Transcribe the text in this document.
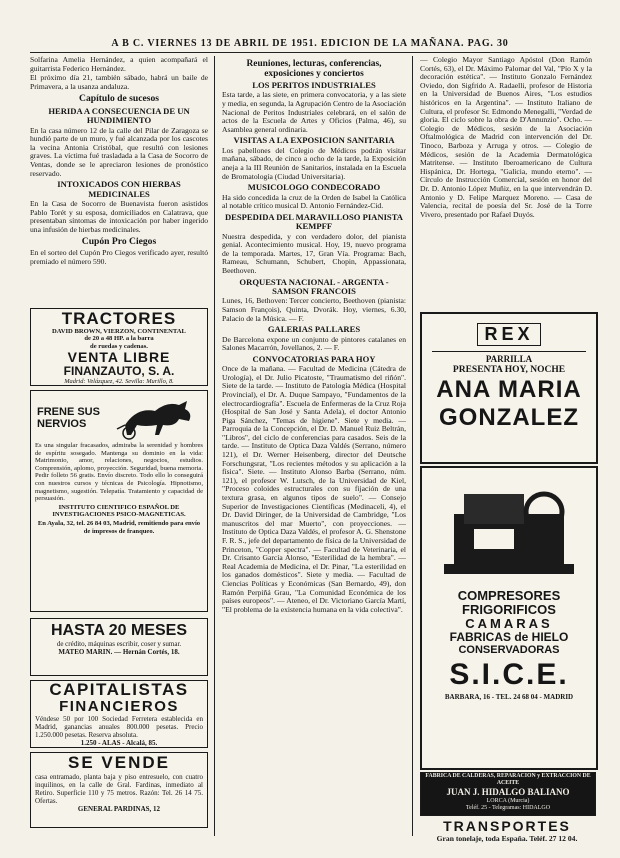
A B C. VIERNES 13 DE ABRIL DE 1951. EDICION DE LA MAÑANA. PAG. 30

Solfarina Amelia Hernández, a quien acompañará el guitarrista Federico Hernández.

El próximo día 21, también sábado, habrá un baile de Primavera, a la usanza andaluza.

Capítulo de sucesos
HERIDA A CONSECUENCIA DE UN HUNDIMIENTO

En la casa número 12 de la calle del Pilar de Zaragoza se hundió parte de un muro, y fué alcanzada por los cascotes la vecina Antonia Cristóbal, que resultó con lesiones graves. La víctima fué trasladada a la Casa de Socorro de Ventas, donde se le apreciaron lesiones de pronóstico reservado.

INTOXICADOS CON HIERBAS MEDICINALES

En la Casa de Socorro de Buenavista fueron asistidos Pablo Torét y su esposa, domiciliados en Calatrava, que presentaban síntomas de intoxicación por haber ingerido una infusión de hierbas medicinales.

Cupón Pro Ciegos

En el sorteo del Cupón Pro Ciegos verificado ayer, resultó premiado el número 590.

TRACTORES
DAVID BROWN, VIERZON, CONTINENTAL
de 20 a 48 HP. a la barra
de ruedas y cadenas.
VENTA LIBRE
FINANZAUTO, S. A.
Madrid: Velázquez, 42. Sevilla: Murillo, 8.
FRENE SUS NERVIOS
Es una singular fracasados, admiraba la serenidad y hombres de espíritu sosegado. Mantenga su dominio en la vida: Matrimonio, amor, relaciones, negocios, estudios. Comprensión, aplomo, proyección. Seguridad, buena memoria. Pedir folleto 56 gratis. Envío discreto. Todo ello lo conseguirá con nuestros cursos y técnicas de Psicología. Hipnotismo, magnetismo, sugestión. Telepatía. Tratamiento y capacidad de persuasión.
INSTITUTO CIENTIFICO ESPAÑOL DE INVESTIGACIONES PSICO-MAGNETICAS.
En Ayala, 32, tel. 26 84 03, Madrid, remitiendo para envío de impresos de franqueo.
HASTA 20 MESES
de crédito, máquinas escribir, coser y sumar.
MATEO MARIN. — Hernán Cortés, 18.
CAPITALISTAS
FINANCIEROS
Véndese 50 por 100 Sociedad Ferretera establecida en Madrid, ganancias anuales 800.000 pesetas. Precio 1.250.000 pesetas. Reserva absoluta.
1.250 - ALAS - Alcalá, 85.
SE VENDE
casa entramado, planta baja y piso entresuelo, con cuatro inquilinos, en la calle de Gral. Fardinas, inmediato al Retiro. Superficie 110 y 75 metros. Razón: Tel. 26 14 75. Ofertas.
GENERAL PARDINAS, 12
Reuniones, lecturas, conferencias, exposiciones y conciertos
LOS PERITOS INDUSTRIALES

Esta tarde, a las siete, en primera convocatoria, y a las siete y media, en segunda, la Agrupación Centro de la Asociación Nacional de Peritos Industriales celebrará, en el salón de actos de la Escuela de Artes y Oficios (Palma, 46), su Asamblea general ordinaria.

VISITAS A LA EXPOSICION SANITARIA

Los pabellones del Colegio de Médicos podrán visitar mañana, sábado, de cinco a ocho de la tarde, la Exposición aneja a la III Reunión de Sanitarios, instalada en la Escuela de Bromatología (Ciudad Universitaria).

MUSICOLOGO CONDECORADO

Ha sido concedida la cruz de la Orden de Isabel la Católica al notable crítico musical D. Antonio Fernández-Cid.

DESPEDIDA DEL MARAVILLOSO PIANISTA KEMPFF

Nuestra despedida, y con verdadero dolor, del pianista genial. Acontecimiento musical. Hoy, 19, nuevo programa de la temporada. Martes, 17, Gran Vía. Programa: Bach, Rameau, Schumann, Schubert, Chopin, Appassionata, Beethoven.

ORQUESTA NACIONAL - ARGENTA - SAMSON FRANCOIS

Lunes, 16, Bethoven: Tercer concierto, Beethoven (pianista: Samson François), Quinta, Dvorák. Hoy, viernes, 6.30, Palacio de la Música. — F.

GALERIAS PALLARES

De Barcelona expone un conjunto de pintores catalanes en Salones Macarrón, Jovellanos, 2. — F.

CONVOCATORIAS PARA HOY

Once de la mañana. — Facultad de Medicina (Cátedra de Urología), el Dr. Julio Picatoste, "Traumatismo del riñón". Siete de la tarde. — Instituto de Patología Médica (Hospital Provincial), el Dr. A. Duque Sampayo, "Fundamentos de la electrocardiografía". Escuela de Enfermeras de la Cruz Roja (Hospital de San José y Santa Adela), el doctor Antonio Piga Sánchez, "Temas de higiene". Siete y media. — Parroquia de la Concepción, el Dr. D. Manuel Ruiz Beltrán, "Libros", del ciclo de conferencias para casados. Seis de la tarde. — Instituto de Optica Daza Valdés (Serrano, número 121), el Dr. Werner Heisenberg, director del Deutsche Forschungsrat, "Los recientes métodos y su aplicación a la física". Siete. — Instituto Alonso Barba (Serrano, núm. 121), el profesor W. Lutsch, de la Universidad de Kiel, "Proceso coloides estructurales con su fijación de una textura grasa, en algunos tipos de suelo". — Consejo Superior de Investigaciones Científicas (Medinaceli, 4), el Dr. David Diringer, de la Universidad de Cambridge, "Los manuscritos del mar Muerto", con proyecciones. — Instituto de Optica Daza Valdés, el profesor A. G. Shenstone F. R. S., jefe del departamento de física de la Universidad de Princeton, "Copper spectra". — Facultad de Veterinaria, el Dr. Crisanto García Alonso, "Esterilidad de la hembra". — Real Academia de Medicina, el Dr. Pinar, "La esterilidad en los ganados domésticos". Siete y media. — Facultad de Ciencias Políticas y Económicas (San Bernardo, 49), don Ramón Perpiñá Grau, "La Comunidad Económica de los países europeos". — Ateneo, el Dr. Victoriano García Martí, "El problema de la existencia humana en la vida colectiva".

— Colegio Mayor Santiago Apóstol (Don Ramón Cortés, 63), el Dr. Máximo Palomar del Val, "Pío X y la decoración estética". — Instituto Gonzalo Fernández Oviedo, don Sigfrido A. Radaelli, profesor de Historia en la Universidad de Buenos Aires, "Los estudios históricos en la Argentina". — Instituto Italiano de Cultura, el profesor Sr. Edmondo Menegalli, "Verdad de gloria. El ciclo sobre la obra de D'Annunzio". Ocho. — Colegio de Médicos, sesión de la Asociación Oftalmológica de Madrid con intervención del Dr. Tinoco, Barboza y Arruga y otros. — Colegio de Médicos, sesión de la Academia Dermatológica Matritense. — Instituto Iberoamericano de Cultura Hispánica, Dr. Hortega, "Galicia, mundo eterno". — Círculo de Instrucción Comercial, sesión en honor del Dr. D. Antonio López Muñiz, en la que intervendrán D. Antonio y D. Felipe Marquez Moreno. — Casa de Valencia, recital de poesía del Sr. José de la Torre Vivero, presentado por Rafael Duyós.

REX
PARRILLA
PRESENTA HOY, NOCHE
ANA MARIA
GONZALEZ
COMPRESORES
FRIGORIFICOS
CAMARAS
FABRICAS de HIELO
CONSERVADORAS
S.I.C.E.
BARBARA, 16 - TEL. 24 68 04 - MADRID
FABRICA DE CALDERAS, REPARACION y EXTRACCION DE ACEITE
JUAN J. HIDALGO BALIANO
LORCA (Murcia)
Teléf. 25 - Telegramas: HIDALGO
TRANSPORTES
Gran tonelaje, toda España. Teléf. 27 12 04.
